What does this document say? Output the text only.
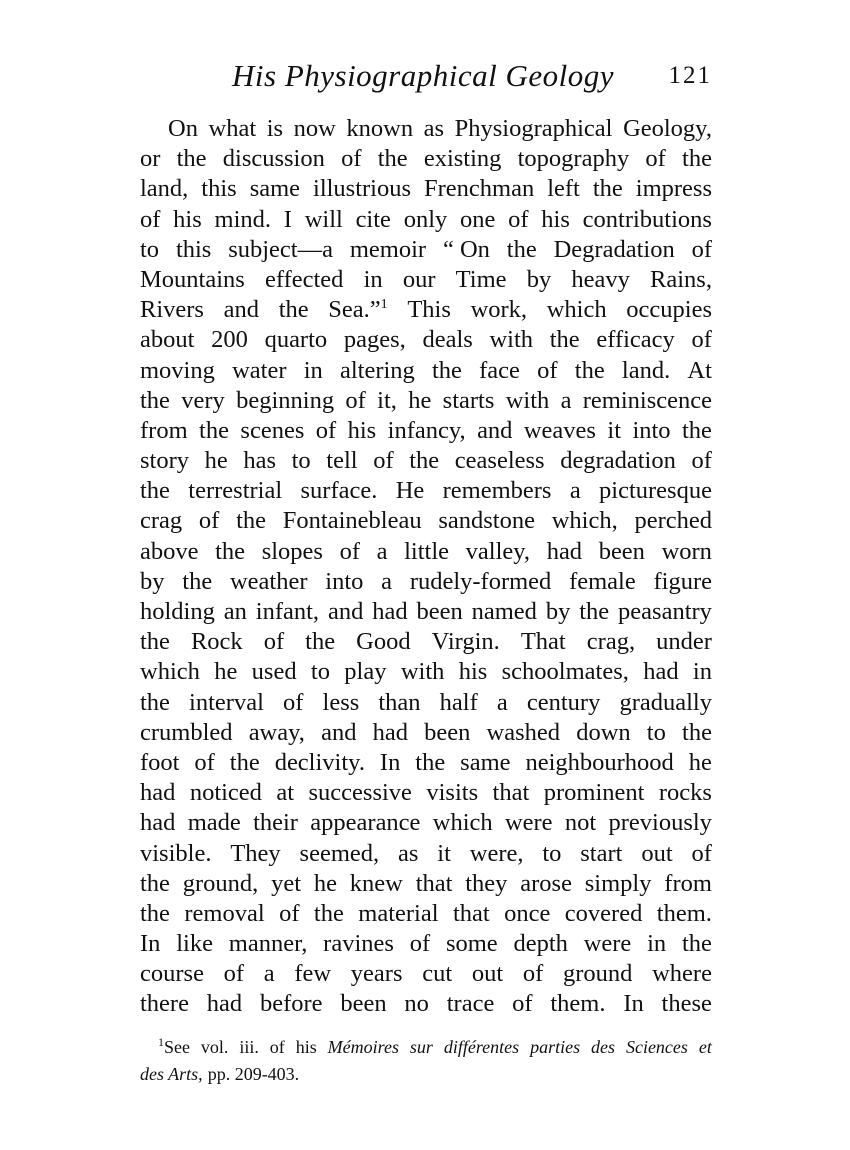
His Physiographical Geology 121
On what is now known as Physiographical Geology,
or the discussion of the existing topography of the
land, this same illustrious Frenchman left the impress
of his mind. I will cite only one of his contributions
to this subject—a memoir “ On the Degradation of
Mountains effected in our Time by heavy Rains,
Rivers and the Sea.”$^1$ This work, which occupies
about 200 quarto pages, deals with the efficacy of
moving water in altering the face of the land. At
the very beginning of it, he starts with a reminiscence
from the scenes of his infancy, and weaves it into the
story he has to tell of the ceaseless degradation of
the terrestrial surface. He remembers a picturesque
crag of the Fontainebleau sandstone which, perched
above the slopes of a little valley, had been worn
by the weather into a rudely-formed female figure
holding an infant, and had been named by the peasantry
the Rock of the Good Virgin. That crag, under
which he used to play with his schoolmates, had in
the interval of less than half a century gradually
crumbled away, and had been washed down to the
foot of the declivity. In the same neighbourhood he
had noticed at successive visits that prominent rocks
had made their appearance which were not previously
visible. They seemed, as it were, to start out of
the ground, yet he knew that they arose simply from
the removal of the material that once covered them.
In like manner, ravines of some depth were in the
course of a few years cut out of ground where
there had before been no trace of them. In these
$^1$See vol. iii. of his Mémoires sur différentes parties des Sciences et
des Arts, pp. 209-403.
